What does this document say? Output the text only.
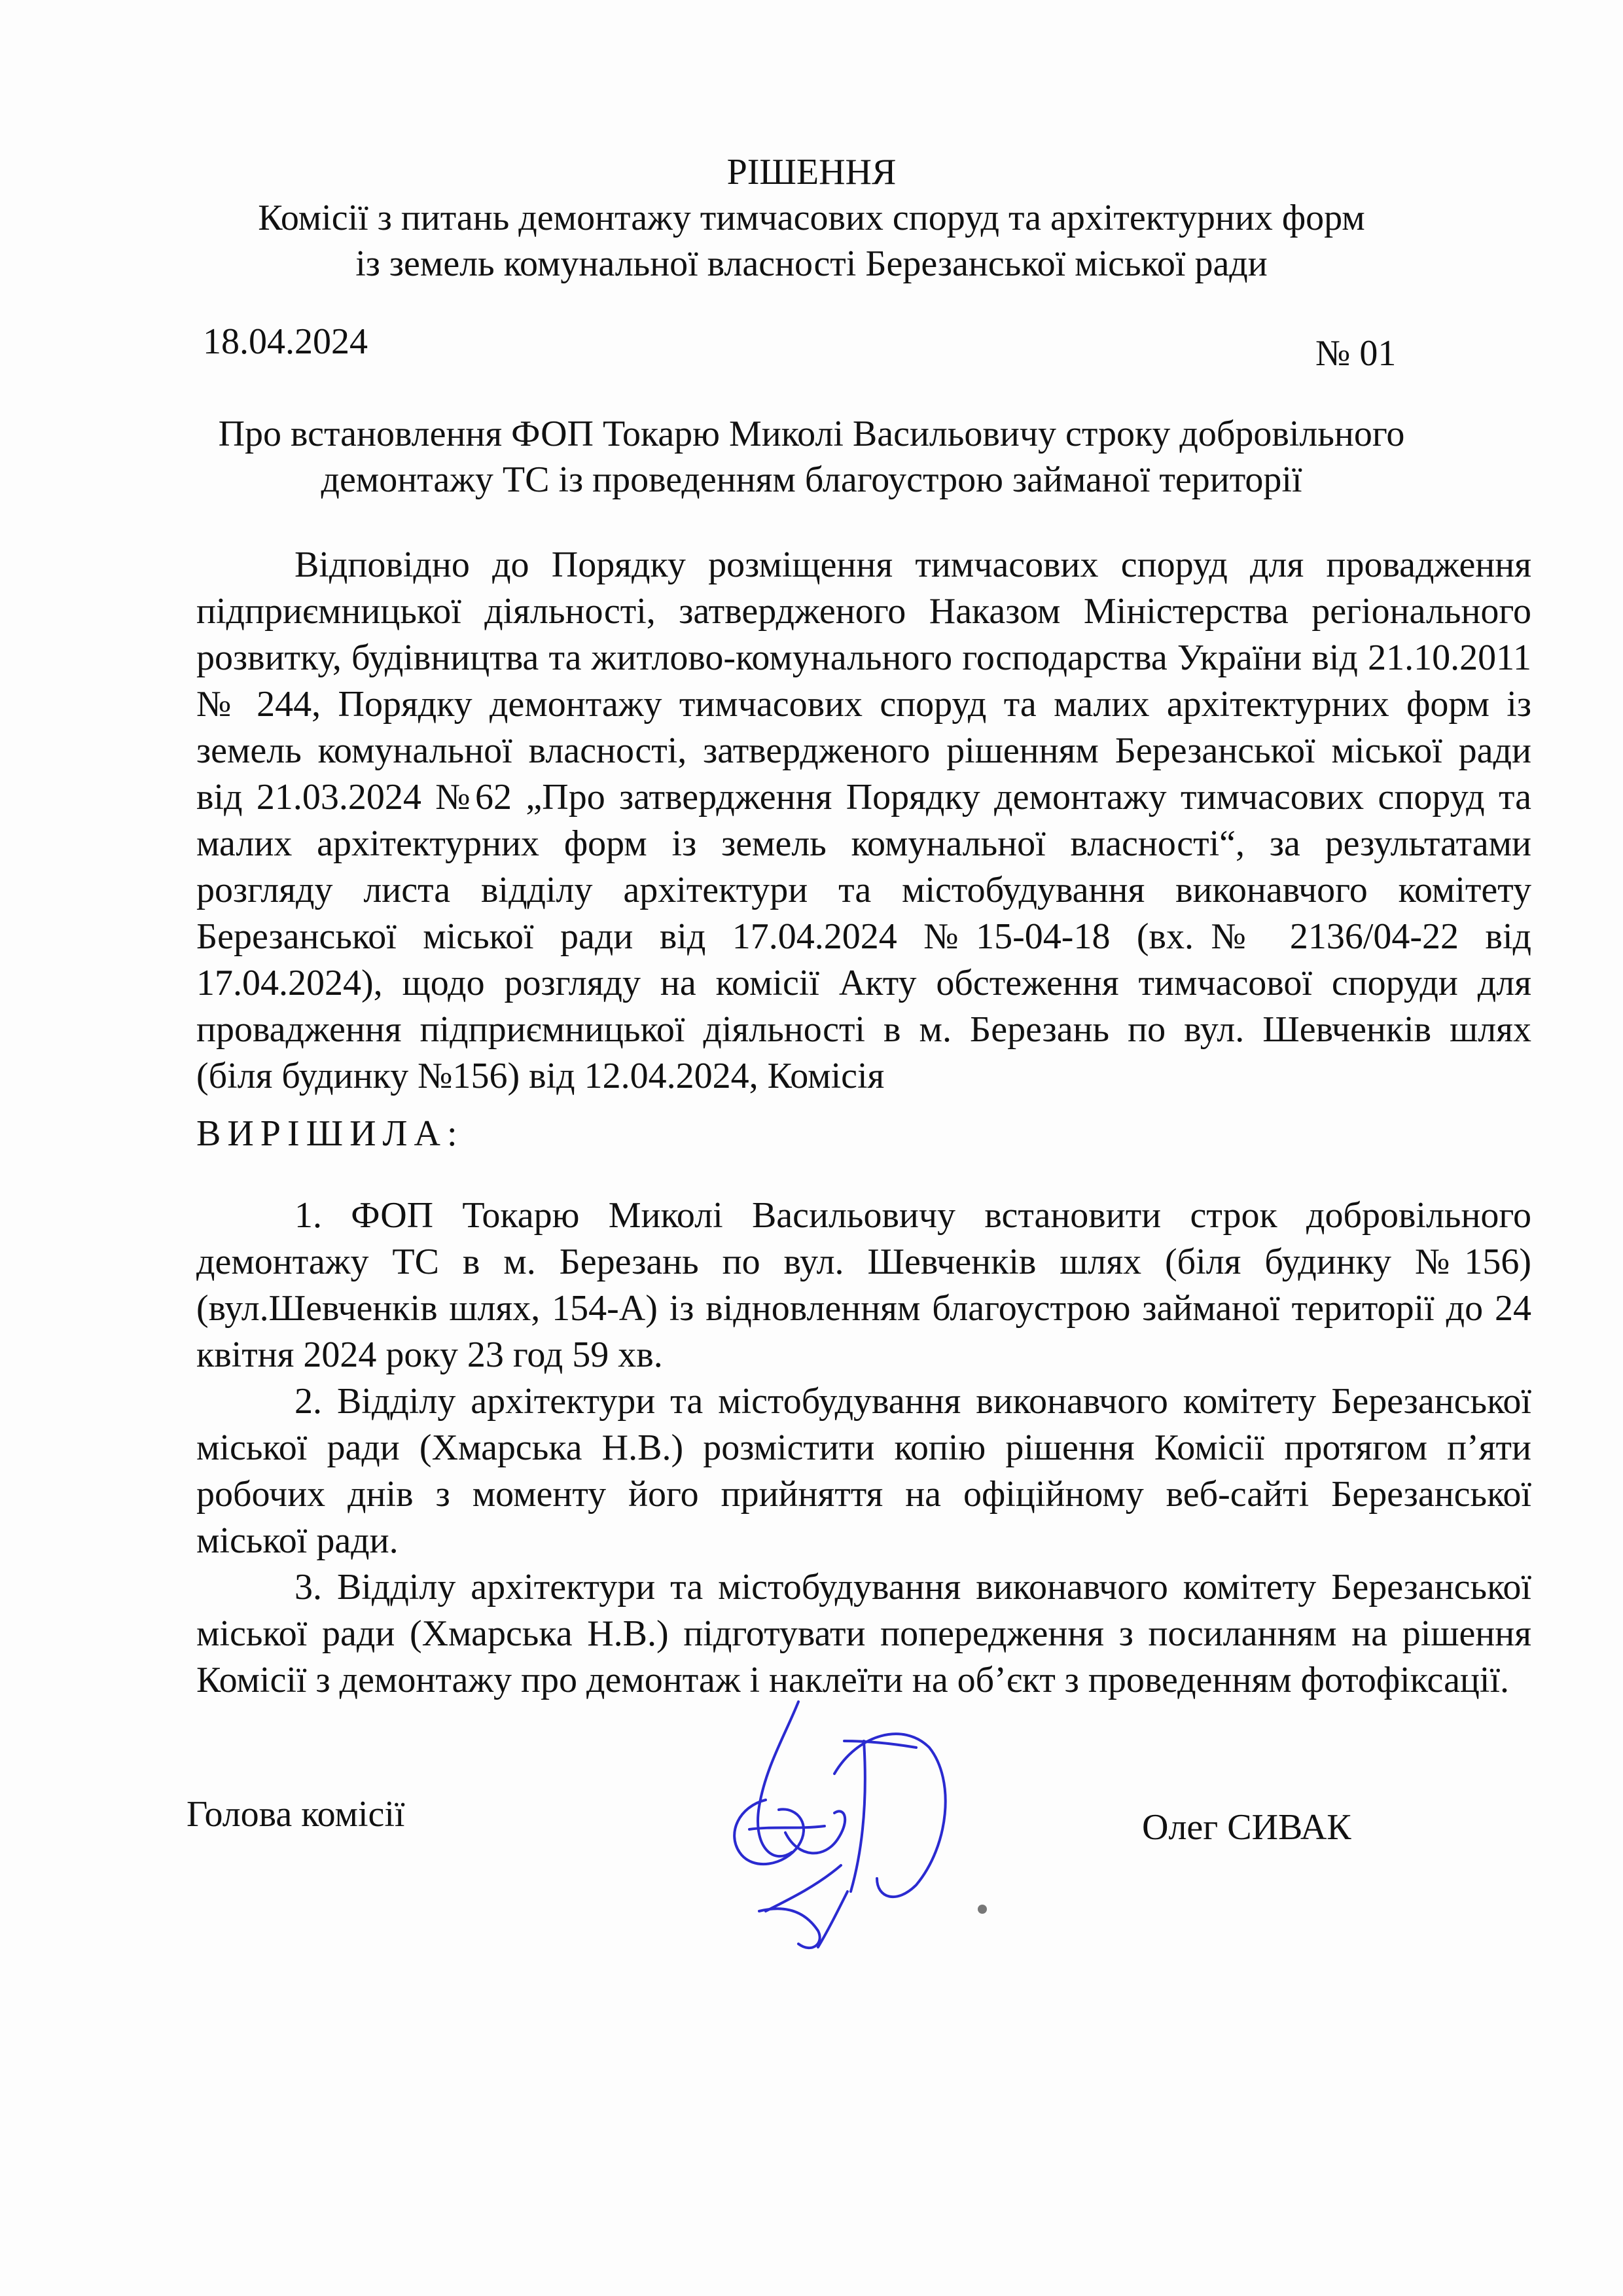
РІШЕННЯ
Комісії з питань демонтажу тимчасових споруд та архітектурних форм
із земель комунальної власності Березанської міської ради
18.04.2024	№ 01
Про встановлення ФОП Токарю Миколі Васильовичу строку добровільного
демонтажу ТС із проведенням благоустрою займаної території
Відповідно до Порядку розміщення тимчасових споруд для провадження підприємницької діяльності, затвердженого Наказом Міністерства регіонального розвитку, будівництва та житлово-комунального господарства України від 21.10.2011 № 244, Порядку демонтажу тимчасових споруд та малих архітектурних форм із земель комунальної власності, затвердженого рішенням Березанської міської ради від 21.03.2024 №62 „Про затвердження Порядку демонтажу тимчасових споруд та малих архітектурних форм із земель комунальної власності“, за результатами розгляду листа відділу архітектури та містобудування виконавчого комітету Березанської міської ради від 17.04.2024 №15-04-18 (вх.№ 2136/04-22 від 17.04.2024), щодо розгляду на комісії Акту обстеження тимчасової споруди для провадження підприємницької діяльності в м. Березань по вул. Шевченків шлях (біля будинку №156) від 12.04.2024, Комісія
ВИРІШИЛА:

1. ФОП Токарю Миколі Васильовичу встановити строк добровільного демонтажу ТС в м. Березань по вул. Шевченків шлях (біля будинку №156) (вул.Шевченків шлях, 154-А) із відновленням благоустрою займаної території до 24 квітня 2024 року 23 год 59 хв.

2. Відділу архітектури та містобудування виконавчого комітету Березанської міської ради (Хмарська Н.В.) розмістити копію рішення Комісії протягом п’яти робочих днів з моменту його прийняття на офіційному веб-сайті Березанської міської ради.

3. Відділу архітектури та містобудування виконавчого комітету Березанської міської ради (Хмарська Н.В.) підготувати попередження з посиланням на рішення Комісії з демонтажу про демонтаж і наклеїти на об’єкт з проведенням фотофіксації.

Голова комісії	Олег СИВАК
